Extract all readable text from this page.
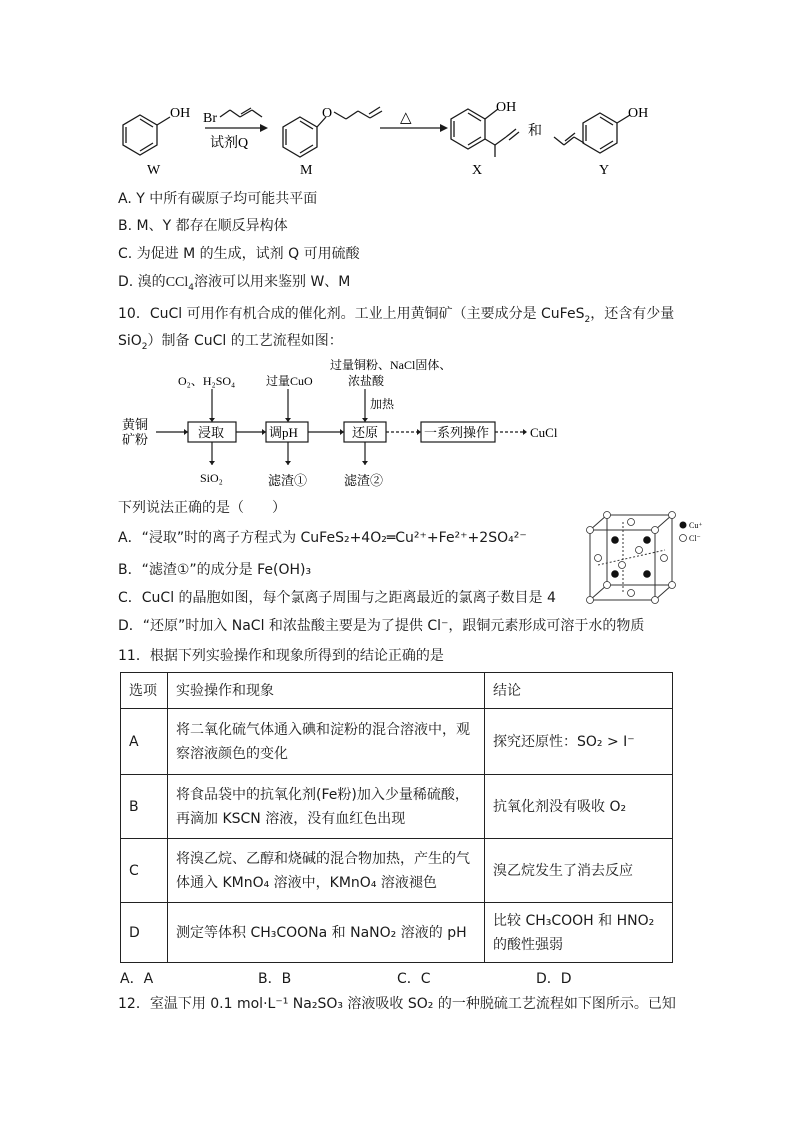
OH Br
试剂Q
O	△
OH
和
OH
W	M	X	Y
A. Y 中所有碳原子均可能共平面
B. M、Y 都存在顺反异构体
C. 为促进 M 的生成，试剂 Q 可用硫酸
D. 溴的CCl$_4$溶液可以用来鉴别 W、M
10．CuCl 可用作有机合成的催化剂。工业上用黄铜矿（主要成分是 CuFeS$_2$，还含有少量
SiO$_2$）制备 CuCl 的工艺流程如图：
黄铜
矿粉	浸取	调pH	还原	一系列操作	CuCl
O₂、H₂SO₄	过量CuO
过量铜粉、NaCl固体、
浓盐酸
加热
SiO₂	滤渣①	滤渣②
下列说法正确的是（　　）
A．“浸取”时的离子方程式为 CuFeS₂+4O₂═Cu²⁺+Fe²⁺+2SO₄²⁻
B．“滤渣①”的成分是 Fe(OH)₃
C．CuCl 的晶胞如图，每个氯离子周围与之距离最近的氯离子数目是 4
D．“还原”时加入 NaCl 和浓盐酸主要是为了提供 Cl⁻，跟铜元素形成可溶于水的物质
Cu⁺
Cl⁻
11．根据下列实验操作和现象所得到的结论正确的是
选项	实验操作和现象	结论
A	将二氧化硫气体通入碘和淀粉的混合溶液中，观
察溶液颜色的变化	探究还原性：SO₂ > I⁻

B	将食品袋中的抗氧化剂(Fe粉)加入少量稀硫酸，
再滴加 KSCN 溶液，没有血红色出现	抗氧化剂没有吸收 O₂

C	将溴乙烷、乙醇和烧碱的混合物加热，产生的气
体通入 KMnO₄ 溶液中，KMnO₄ 溶液褪色	溴乙烷发生了消去反应

D	测定等体积 CH₃COONa 和 NaNO₂ 溶液的 pH	比较 CH₃COOH 和 HNO₂
的酸性强弱
A．A	B．B	C．C	D．D
12．室温下用 0.1 mol·L⁻¹ Na₂SO₃ 溶液吸收 SO₂ 的一种脱硫工艺流程如下图所示。已知
